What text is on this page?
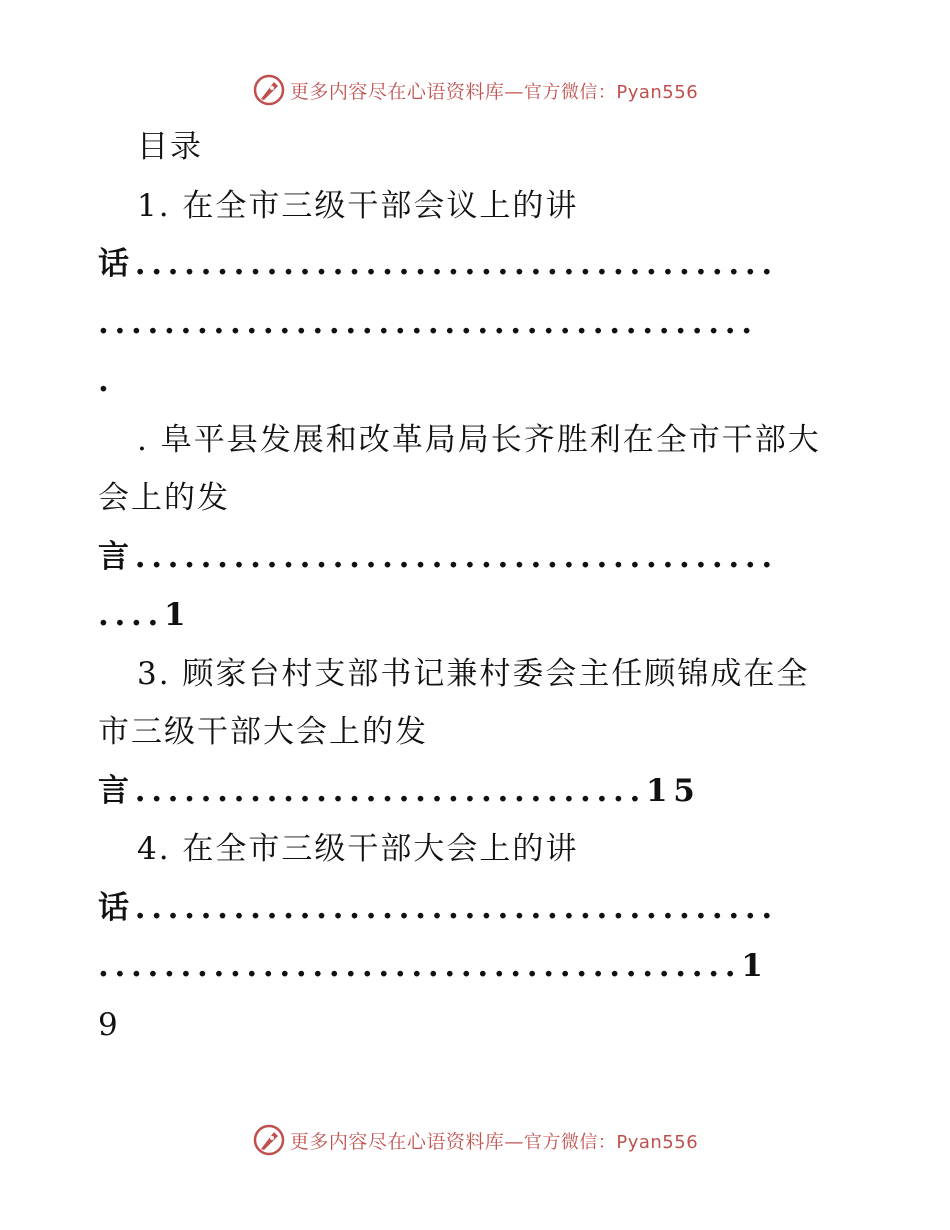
更多内容尽在心语资料库—官方微信：Pyan556
目录
1. 在全市三级干部会议上的讲
话.......................................
........................................
.
. 阜平县发展和改革局局长齐胜利在全市干部大
会上的发
言.......................................
....1
3. 顾家台村支部书记兼村委会主任顾锦成在全
市三级干部大会上的发
言...............................15
4. 在全市三级干部大会上的讲
话.......................................
.......................................1
9
更多内容尽在心语资料库—官方微信：Pyan556
